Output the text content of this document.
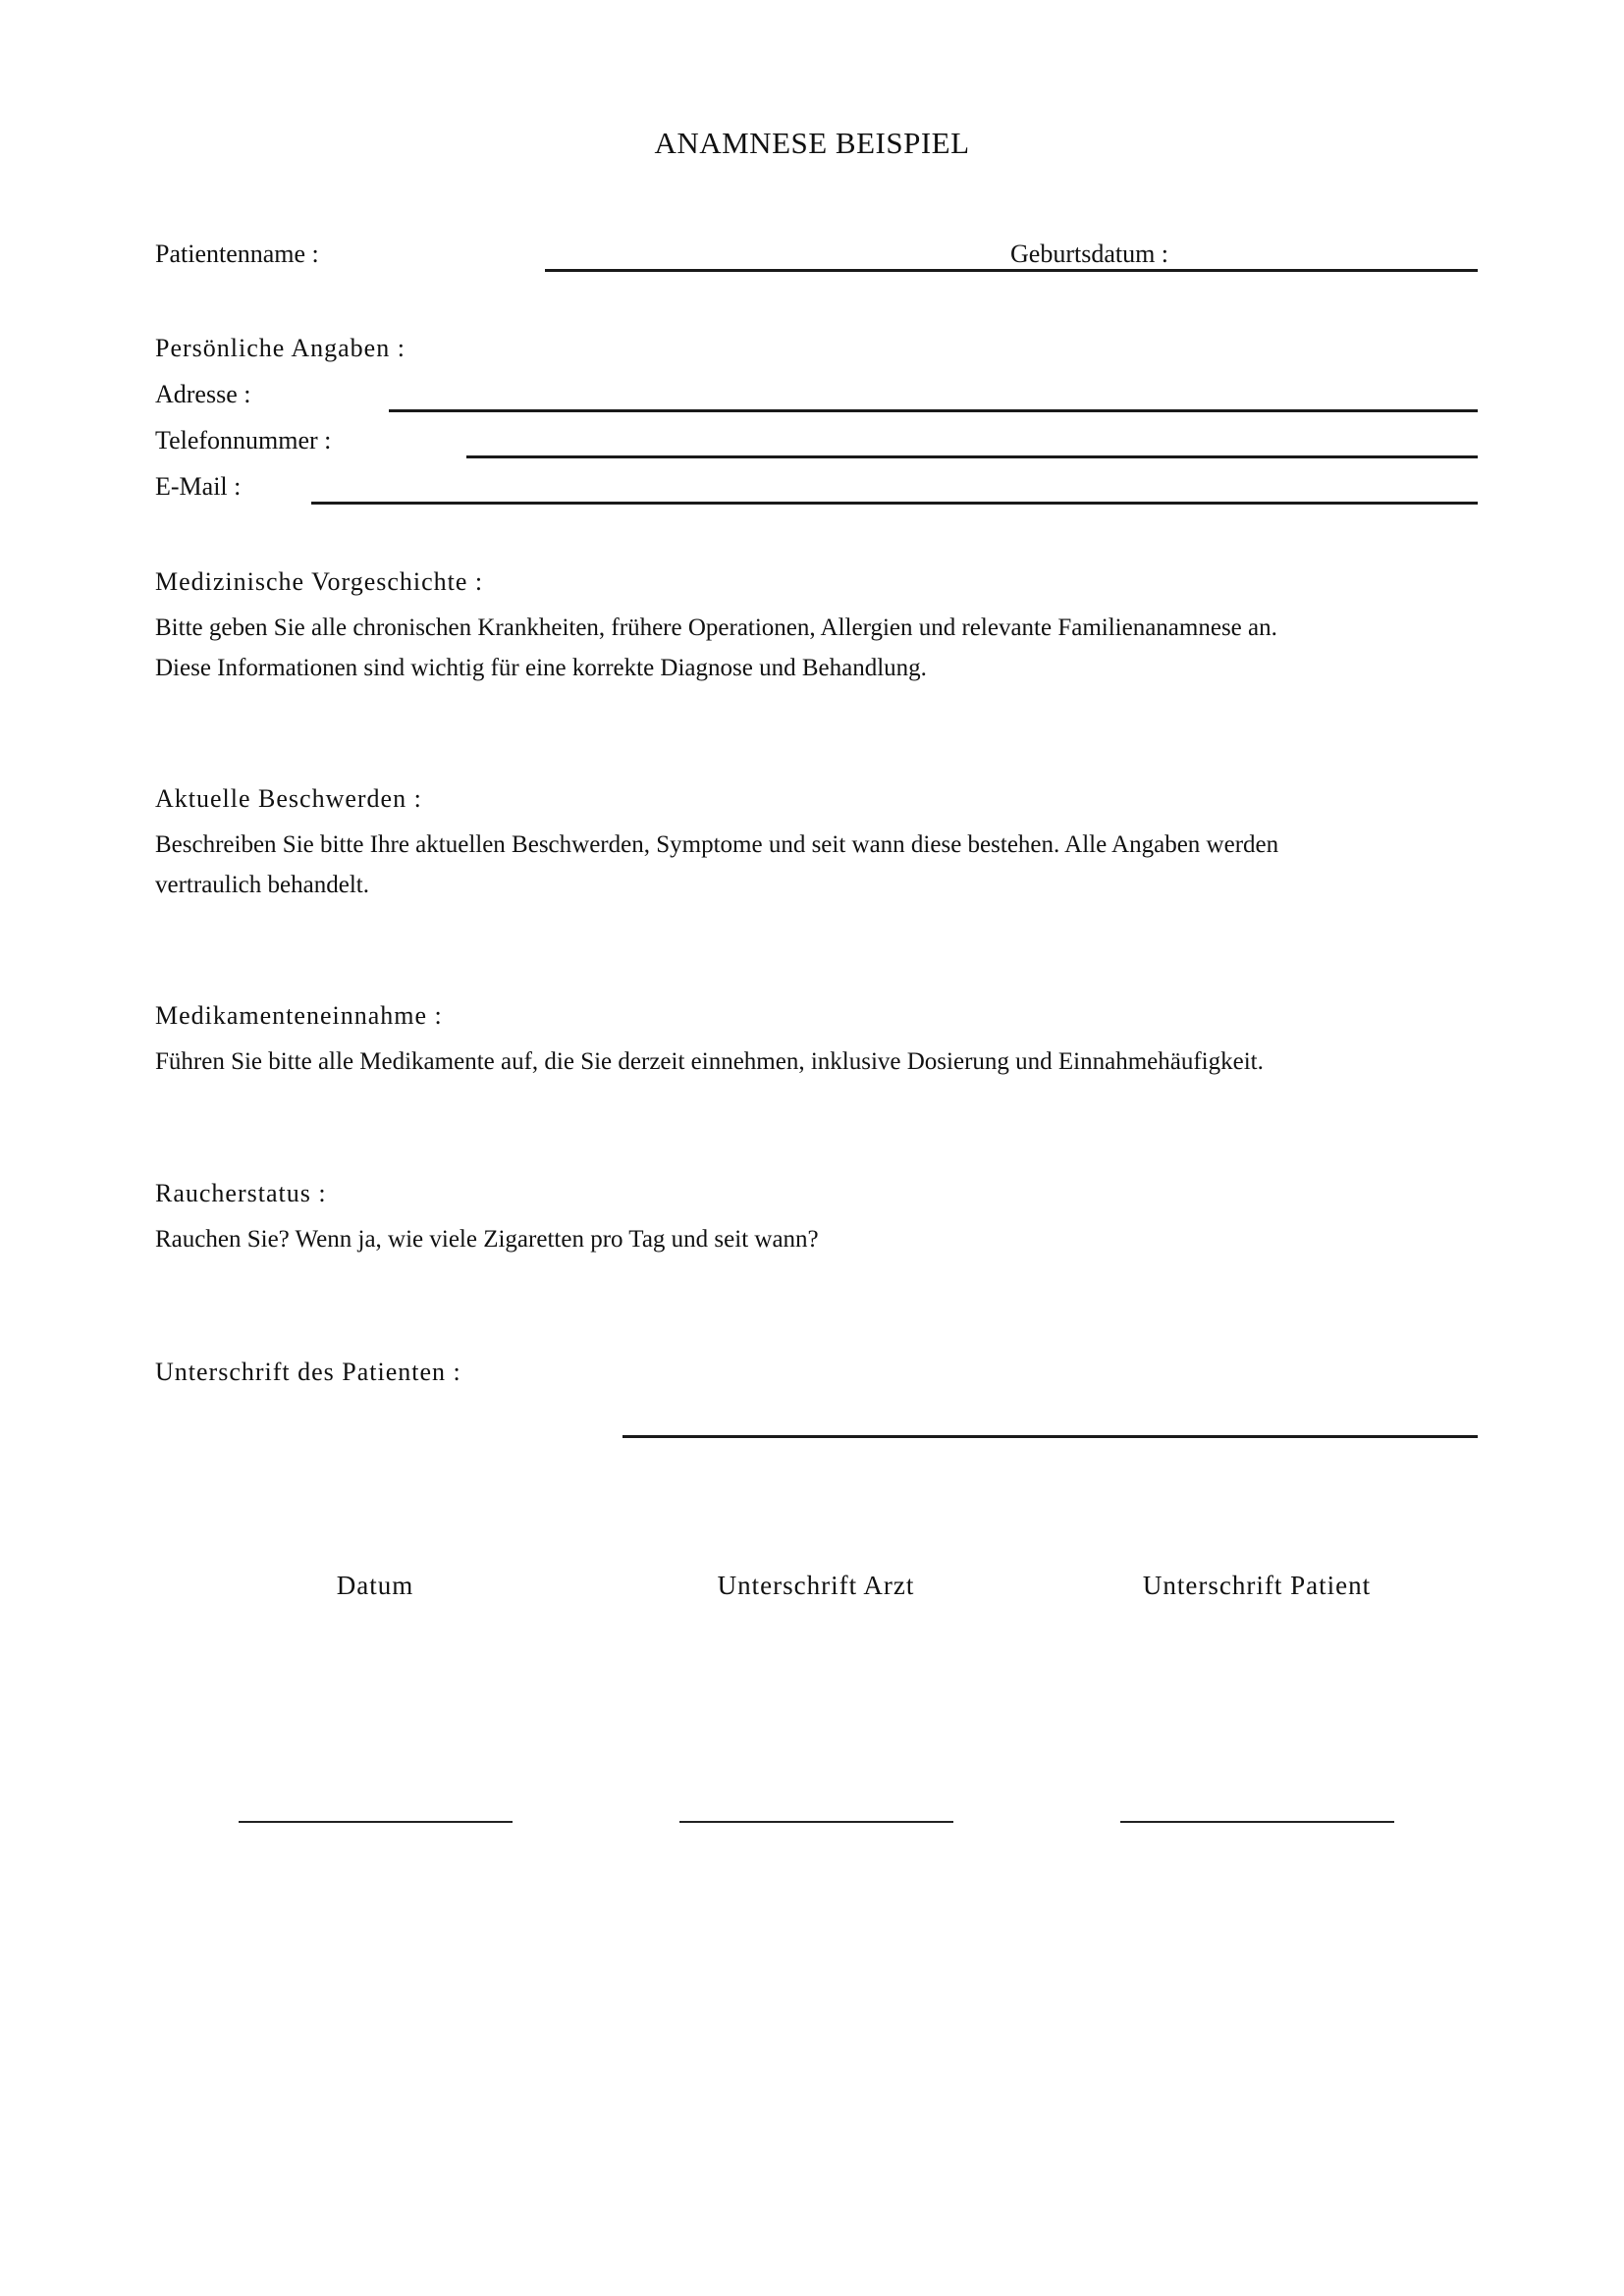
ANAMNESE BEISPIEL
Patientenname :	Geburtsdatum :
Persönliche Angaben :
Adresse :
Telefonnummer :
E-Mail :
Medizinische Vorgeschichte :
Bitte geben Sie alle chronischen Krankheiten, frühere Operationen, Allergien und relevante Familienanamnese an.
Diese Informationen sind wichtig für eine korrekte Diagnose und Behandlung.
Aktuelle Beschwerden :
Beschreiben Sie bitte Ihre aktuellen Beschwerden, Symptome und seit wann diese bestehen. Alle Angaben werden
vertraulich behandelt.
Medikamenteneinnahme :
Führen Sie bitte alle Medikamente auf, die Sie derzeit einnehmen, inklusive Dosierung und Einnahmehäufigkeit.
Raucherstatus :
Rauchen Sie? Wenn ja, wie viele Zigaretten pro Tag und seit wann?
Unterschrift des Patienten :
Datum	Unterschrift Arzt	Unterschrift Patient
